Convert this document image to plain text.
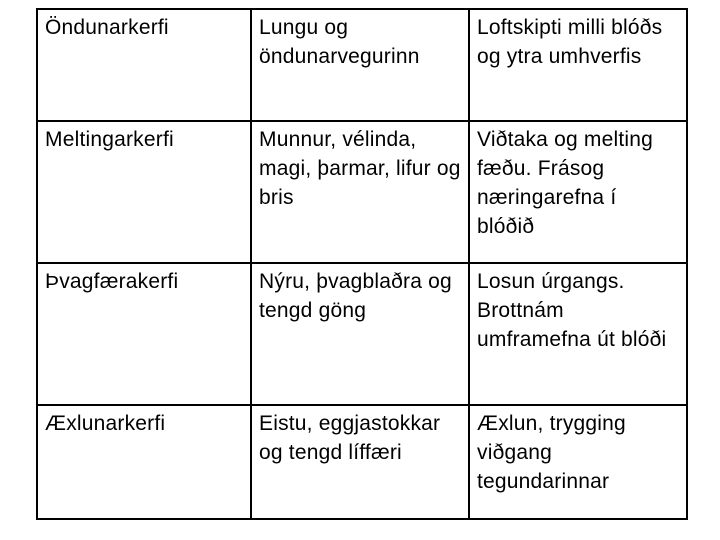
Öndunarkerfi	Lungu og öndunarvegurinn	Loftskipti milli blóðs og ytra umhverfis

Meltingarkerfi	Munnur, vélinda, magi, þarmar, lifur og bris	Viðtaka og melting fæðu. Frásog næringarefna í blóðið

Þvagfærakerfi	Nýru, þvagblaðra og tengd göng	Losun úrgangs. Brottnám umframefna út blóði

Æxlunarkerfi	Eistu, eggjastokkar og tengd líffæri	Æxlun, trygging viðgang tegundarinnar
